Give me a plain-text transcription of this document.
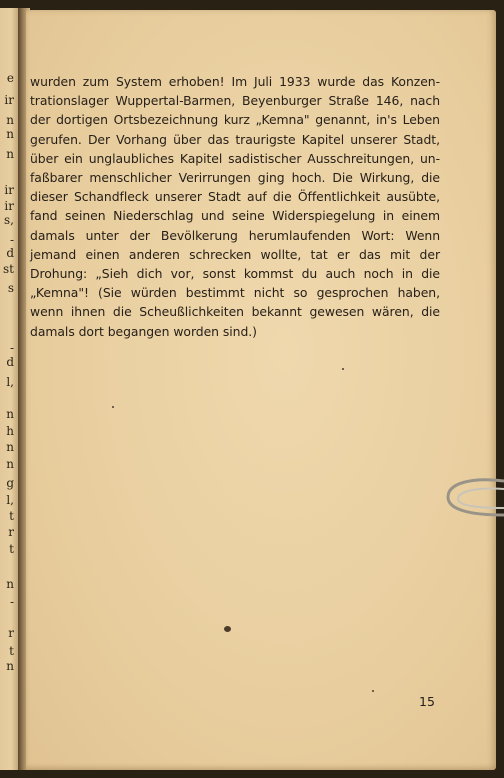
e
ir
n
n
n
ir
ir
s,
-
d
st
s
-
d
l,
n
h
n
n
g
l,
t
r
t
n
-
r
t
n

wurden zum System erhoben! Im Juli 1933 wurde das Konzen-
trationslager Wuppertal-Barmen, Beyenburger Straße 146, nach
der dortigen Ortsbezeichnung kurz „Kemna" genannt, in's Leben
gerufen. Der Vorhang über das traurigste Kapitel unserer Stadt,
über ein unglaubliches Kapitel sadistischer Ausschreitungen, un-
faßbarer menschlicher Verirrungen ging hoch. Die Wirkung, die
dieser Schandfleck unserer Stadt auf die Öffentlichkeit ausübte,
fand seinen Niederschlag und seine Widerspiegelung in einem
damals unter der Bevölkerung herumlaufenden Wort: Wenn
jemand einen anderen schrecken wollte, tat er das mit der
Drohung: „Sieh dich vor, sonst kommst du auch noch in die
„Kemna"! (Sie würden bestimmt nicht so gesprochen haben,
wenn ihnen die Scheußlichkeiten bekannt gewesen wären, die
damals dort begangen worden sind.)

15
